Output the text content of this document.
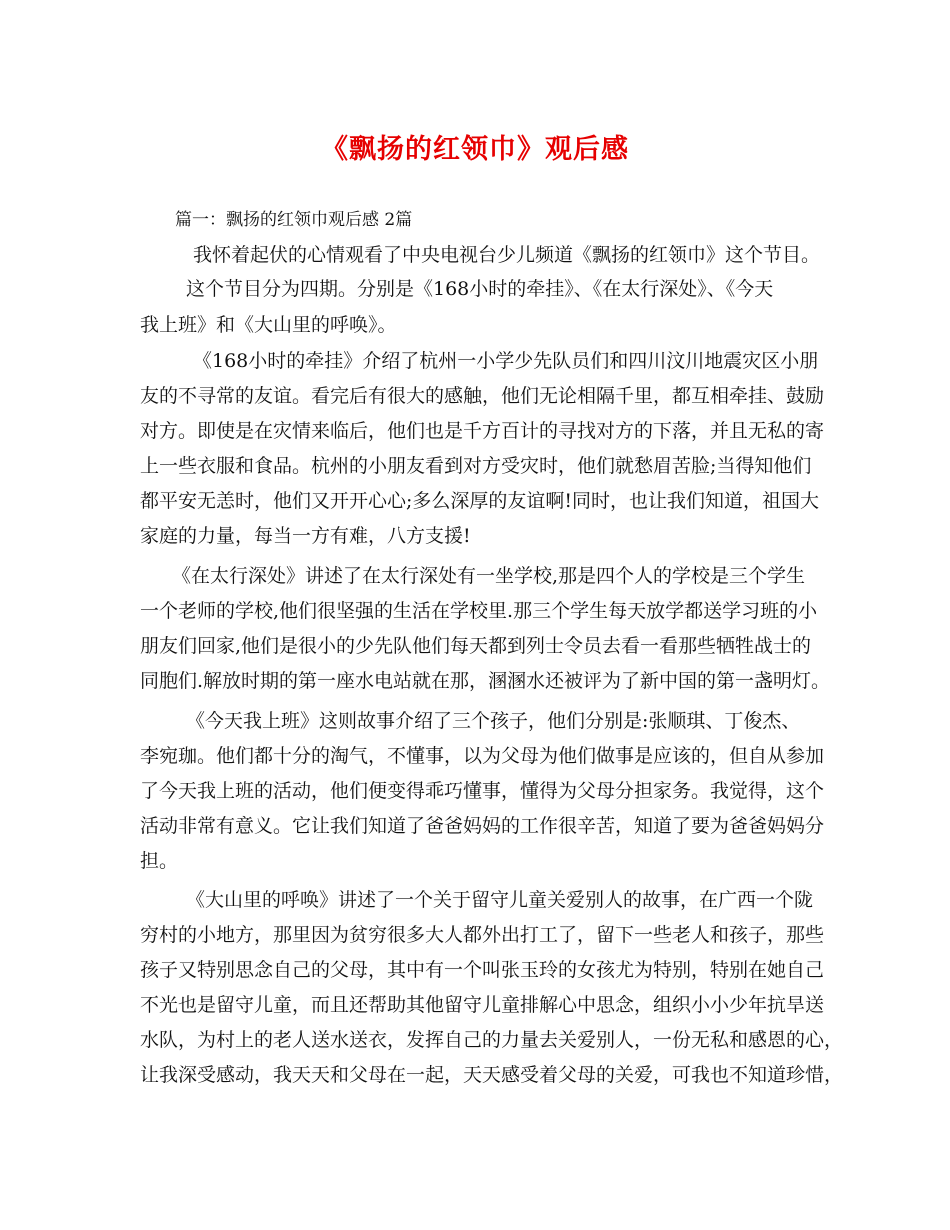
《飘扬的红领巾》观后感
篇一：飘扬的红领巾观后感 2篇
我怀着起伏的心情观看了中央电视台少儿频道《飘扬的红领巾》这个节目。
这个节目分为四期。分别是《168小时的牵挂》、《在太行深处》、《今天
我上班》和《大山里的呼唤》。
《168小时的牵挂》介绍了杭州一小学少先队员们和四川汶川地震灾区小朋
友的不寻常的友谊。看完后有很大的感触，他们无论相隔千里，都互相牵挂、鼓励
对方。即使是在灾情来临后，他们也是千方百计的寻找对方的下落，并且无私的寄
上一些衣服和食品。杭州的小朋友看到对方受灾时，他们就愁眉苦脸;当得知他们
都平安无恙时，他们又开开心心;多么深厚的友谊啊!同时，也让我们知道，祖国大
家庭的力量，每当一方有难，八方支援!
《在太行深处》讲述了在太行深处有一坐学校,那是四个人的学校是三个学生
一个老师的学校,他们很坚强的生活在学校里.那三个学生每天放学都送学习班的小
朋友们回家,他们是很小的少先队他们每天都到列士令员去看一看那些牺牲战士的
同胞们.解放时期的第一座水电站就在那，溷溷水还被评为了新中国的第一盏明灯。
《今天我上班》这则故事介绍了三个孩子，他们分别是:张顺琪、丁俊杰、
李宛珈。他们都十分的淘气，不懂事，以为父母为他们做事是应该的，但自从参加
了今天我上班的活动，他们便变得乖巧懂事，懂得为父母分担家务。我觉得，这个
活动非常有意义。它让我们知道了爸爸妈妈的工作很辛苦，知道了要为爸爸妈妈分
担。
《大山里的呼唤》讲述了一个关于留守儿童关爱别人的故事，在广西一个陇
穷村的小地方，那里因为贫穷很多大人都外出打工了，留下一些老人和孩子，那些
孩子又特别思念自己的父母，其中有一个叫张玉玲的女孩尤为特别，特别在她自己
不光也是留守儿童，而且还帮助其他留守儿童排解心中思念，组织小小少年抗旱送
水队，为村上的老人送水送衣，发挥自己的力量去关爱别人，一份无私和感恩的心，
让我深受感动，我天天和父母在一起，天天感受着父母的关爱，可我也不知道珍惜，
